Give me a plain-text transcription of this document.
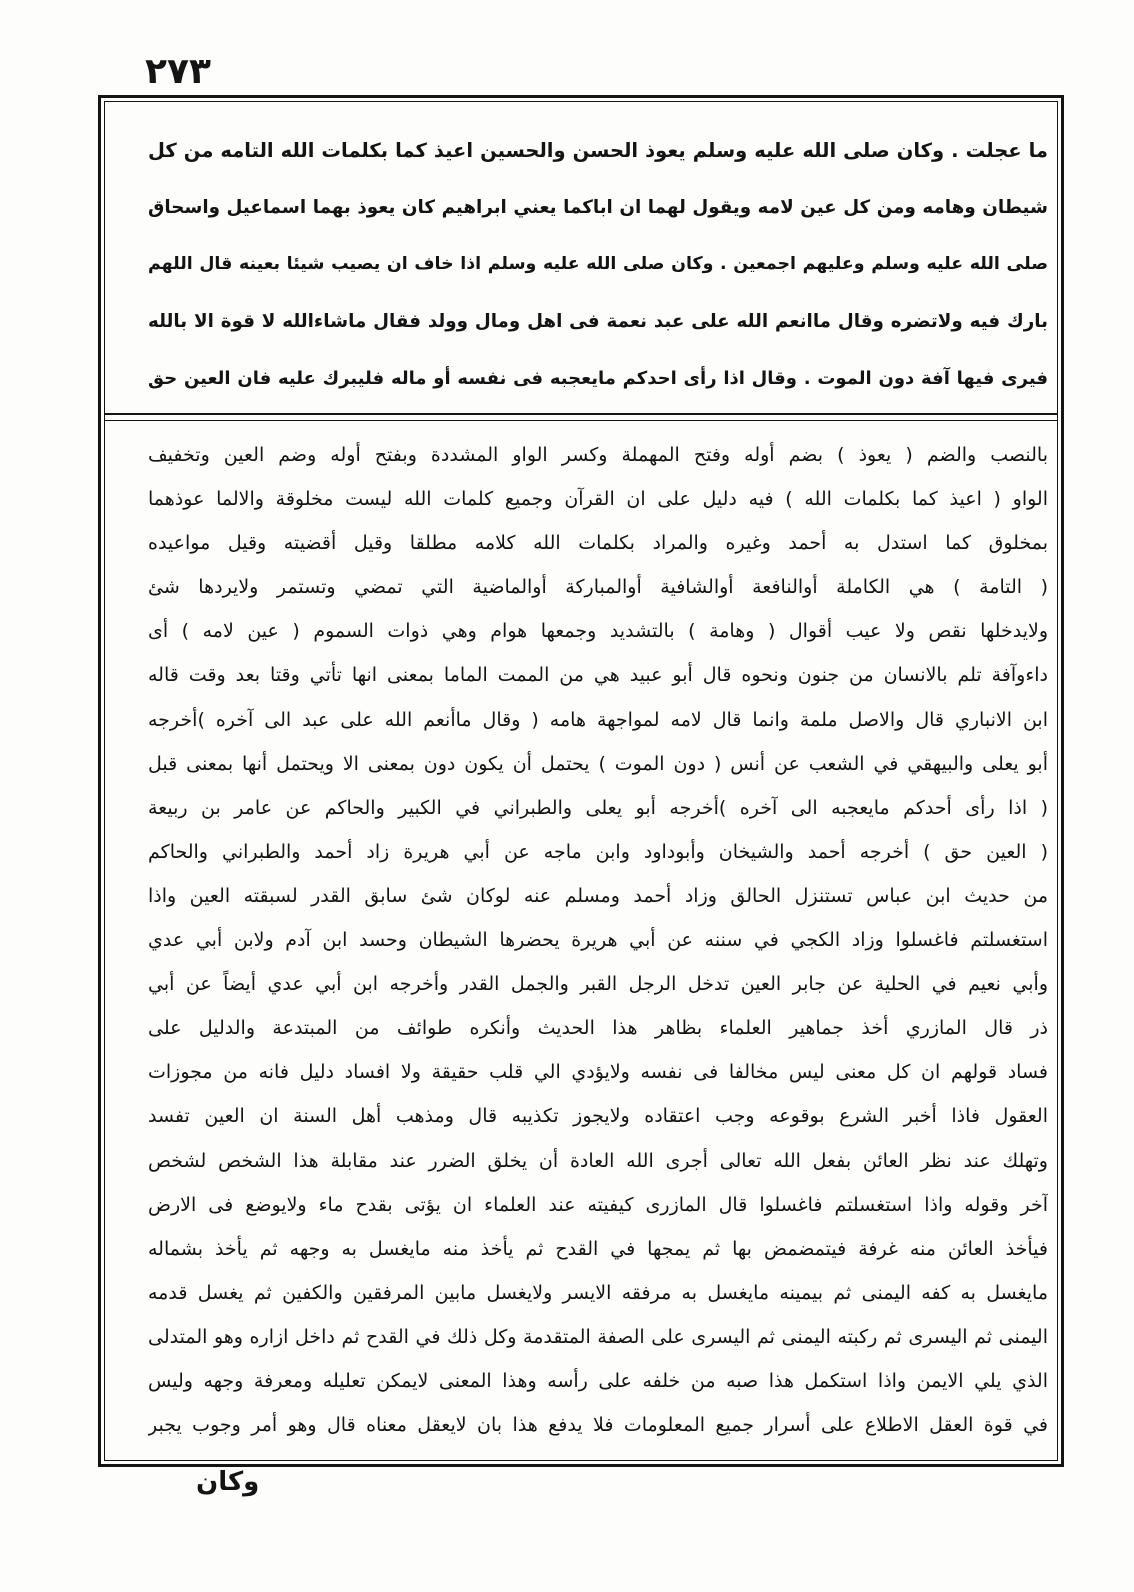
٢٧٣
ما عجلت . وكان صلى الله عليه وسلم يعوذ الحسن والحسين اعيذ كما بكلمات الله التامه من كل
شيطان وهامه ومن كل عين لامه ويقول لهما ان اباكما يعني ابراهيم كان يعوذ بهما اسماعيل واسحاق
صلى الله عليه وسلم وعليهم اجمعين . وكان صلى الله عليه وسلم اذا خاف ان يصيب شيئا بعينه قال اللهم
بارك فيه ولاتضره وقال ماانعم الله على عبد نعمة فى اهل ومال وولد فقال ماشاءالله لا قوة الا بالله
فيرى فيها آفة دون الموت . وقال اذا رأى احدكم مايعجبه فى نفسه أو ماله فليبرك عليه فان العين حق
بالنصب والضم ( يعوذ ) بضم أوله وفتح المهملة وكسر الواو المشددة وبفتح أوله وضم العين وتخفيف
الواو ( اعيذ كما بكلمات الله ) فيه دليل على ان القرآن وجميع كلمات الله ليست مخلوقة والالما عوذهما
بمخلوق كما استدل به أحمد وغيره والمراد بكلمات الله كلامه مطلقا وقيل أقضيته وقيل مواعيده
( التامة ) هي الكاملة أوالنافعة أوالشافية أوالمباركة أوالماضية التي تمضي وتستمر ولايردها شئ
ولايدخلها نقص ولا عيب أقوال ( وهامة ) بالتشديد وجمعها هوام وهي ذوات السموم ( عين لامه ) أى
داءوآفة تلم بالانسان من جنون ونحوه قال أبو عبيد هي من الممت الماما بمعنى انها تأتي وقتا بعد وقت قاله
ابن الانباري قال والاصل ملمة وانما قال لامه لمواجهة هامه ( وقال ماأنعم الله على عبد الى آخره )أخرجه
أبو يعلى والبيهقي في الشعب عن أنس ( دون الموت ) يحتمل أن يكون دون بمعنى الا ويحتمل أنها بمعنى قبل
( اذا رأى أحدكم مايعجبه الى آخره )أخرجه أبو يعلى والطبراني في الكبير والحاكم عن عامر بن ربيعة
( العين حق ) أخرجه أحمد والشيخان وأبوداود وابن ماجه عن أبي هريرة زاد أحمد والطبراني والحاكم
من حديث ابن عباس تستنزل الحالق وزاد أحمد ومسلم عنه لوكان شئ سابق القدر لسبقته العين واذا
استغسلتم فاغسلوا وزاد الكجي في سننه عن أبي هريرة يحضرها الشيطان وحسد ابن آدم ولابن أبي عدي
وأبي نعيم في الحلية عن جابر العين تدخل الرجل القبر والجمل القدر وأخرجه ابن أبي عدي أيضاً عن أبي
ذر قال المازري أخذ جماهير العلماء بظاهر هذا الحديث وأنكره طوائف من المبتدعة والدليل على
فساد قولهم ان كل معنى ليس مخالفا فى نفسه ولايؤدي الي قلب حقيقة ولا افساد دليل فانه من مجوزات
العقول فاذا أخبر الشرع بوقوعه وجب اعتقاده ولايجوز تكذيبه قال ومذهب أهل السنة ان العين تفسد
وتهلك عند نظر العائن بفعل الله تعالى أجرى الله العادة أن يخلق الضرر عند مقابلة هذا الشخص لشخص
آخر وقوله واذا استغسلتم فاغسلوا قال المازرى كيفيته عند العلماء ان يؤتى بقدح ماء ولايوضع فى الارض
فيأخذ العائن منه غرفة فيتمضمض بها ثم يمجها في القدح ثم يأخذ منه مايغسل به وجهه ثم يأخذ بشماله
مايغسل به كفه اليمنى ثم بيمينه مايغسل به مرفقه الايسر ولايغسل مابين المرفقين والكفين ثم يغسل قدمه
اليمنى ثم اليسرى ثم ركبته اليمنى ثم اليسرى على الصفة المتقدمة وكل ذلك في القدح ثم داخل ازاره وهو المتدلى
الذي يلي الايمن واذا استكمل هذا صبه من خلفه على رأسه وهذا المعنى لايمكن تعليله ومعرفة وجهه وليس
في قوة العقل الاطلاع على أسرار جميع المعلومات فلا يدفع هذا بان لايعقل معناه قال وهو أمر وجوب يجبر
وكان
